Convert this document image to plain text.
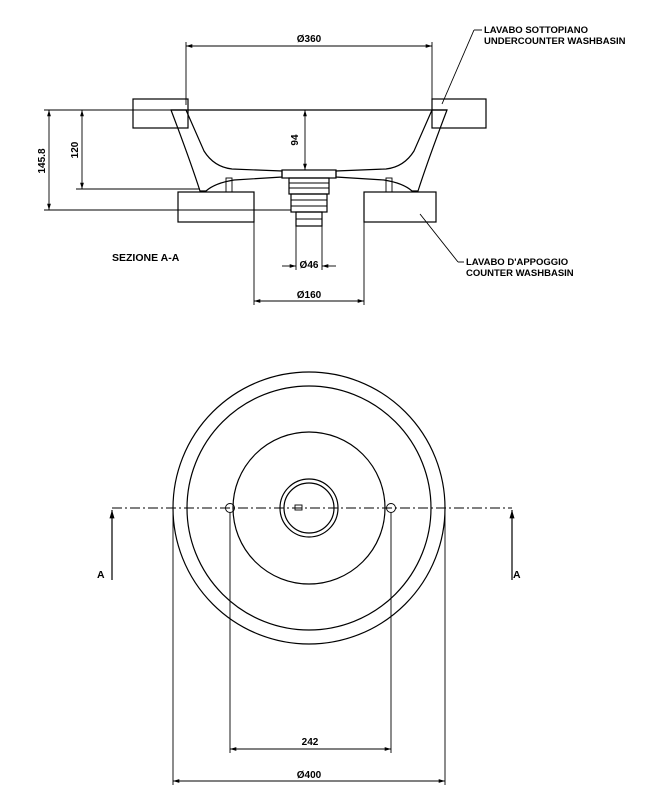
Ø360
94
120
145.8
Ø46
Ø160
SEZIONE A-A
LAVABO SOTTOPIANO
UNDERCOUNTER WASHBASIN
LAVABO D'APPOGGIO
COUNTER WASHBASIN
A	A
242
Ø400
